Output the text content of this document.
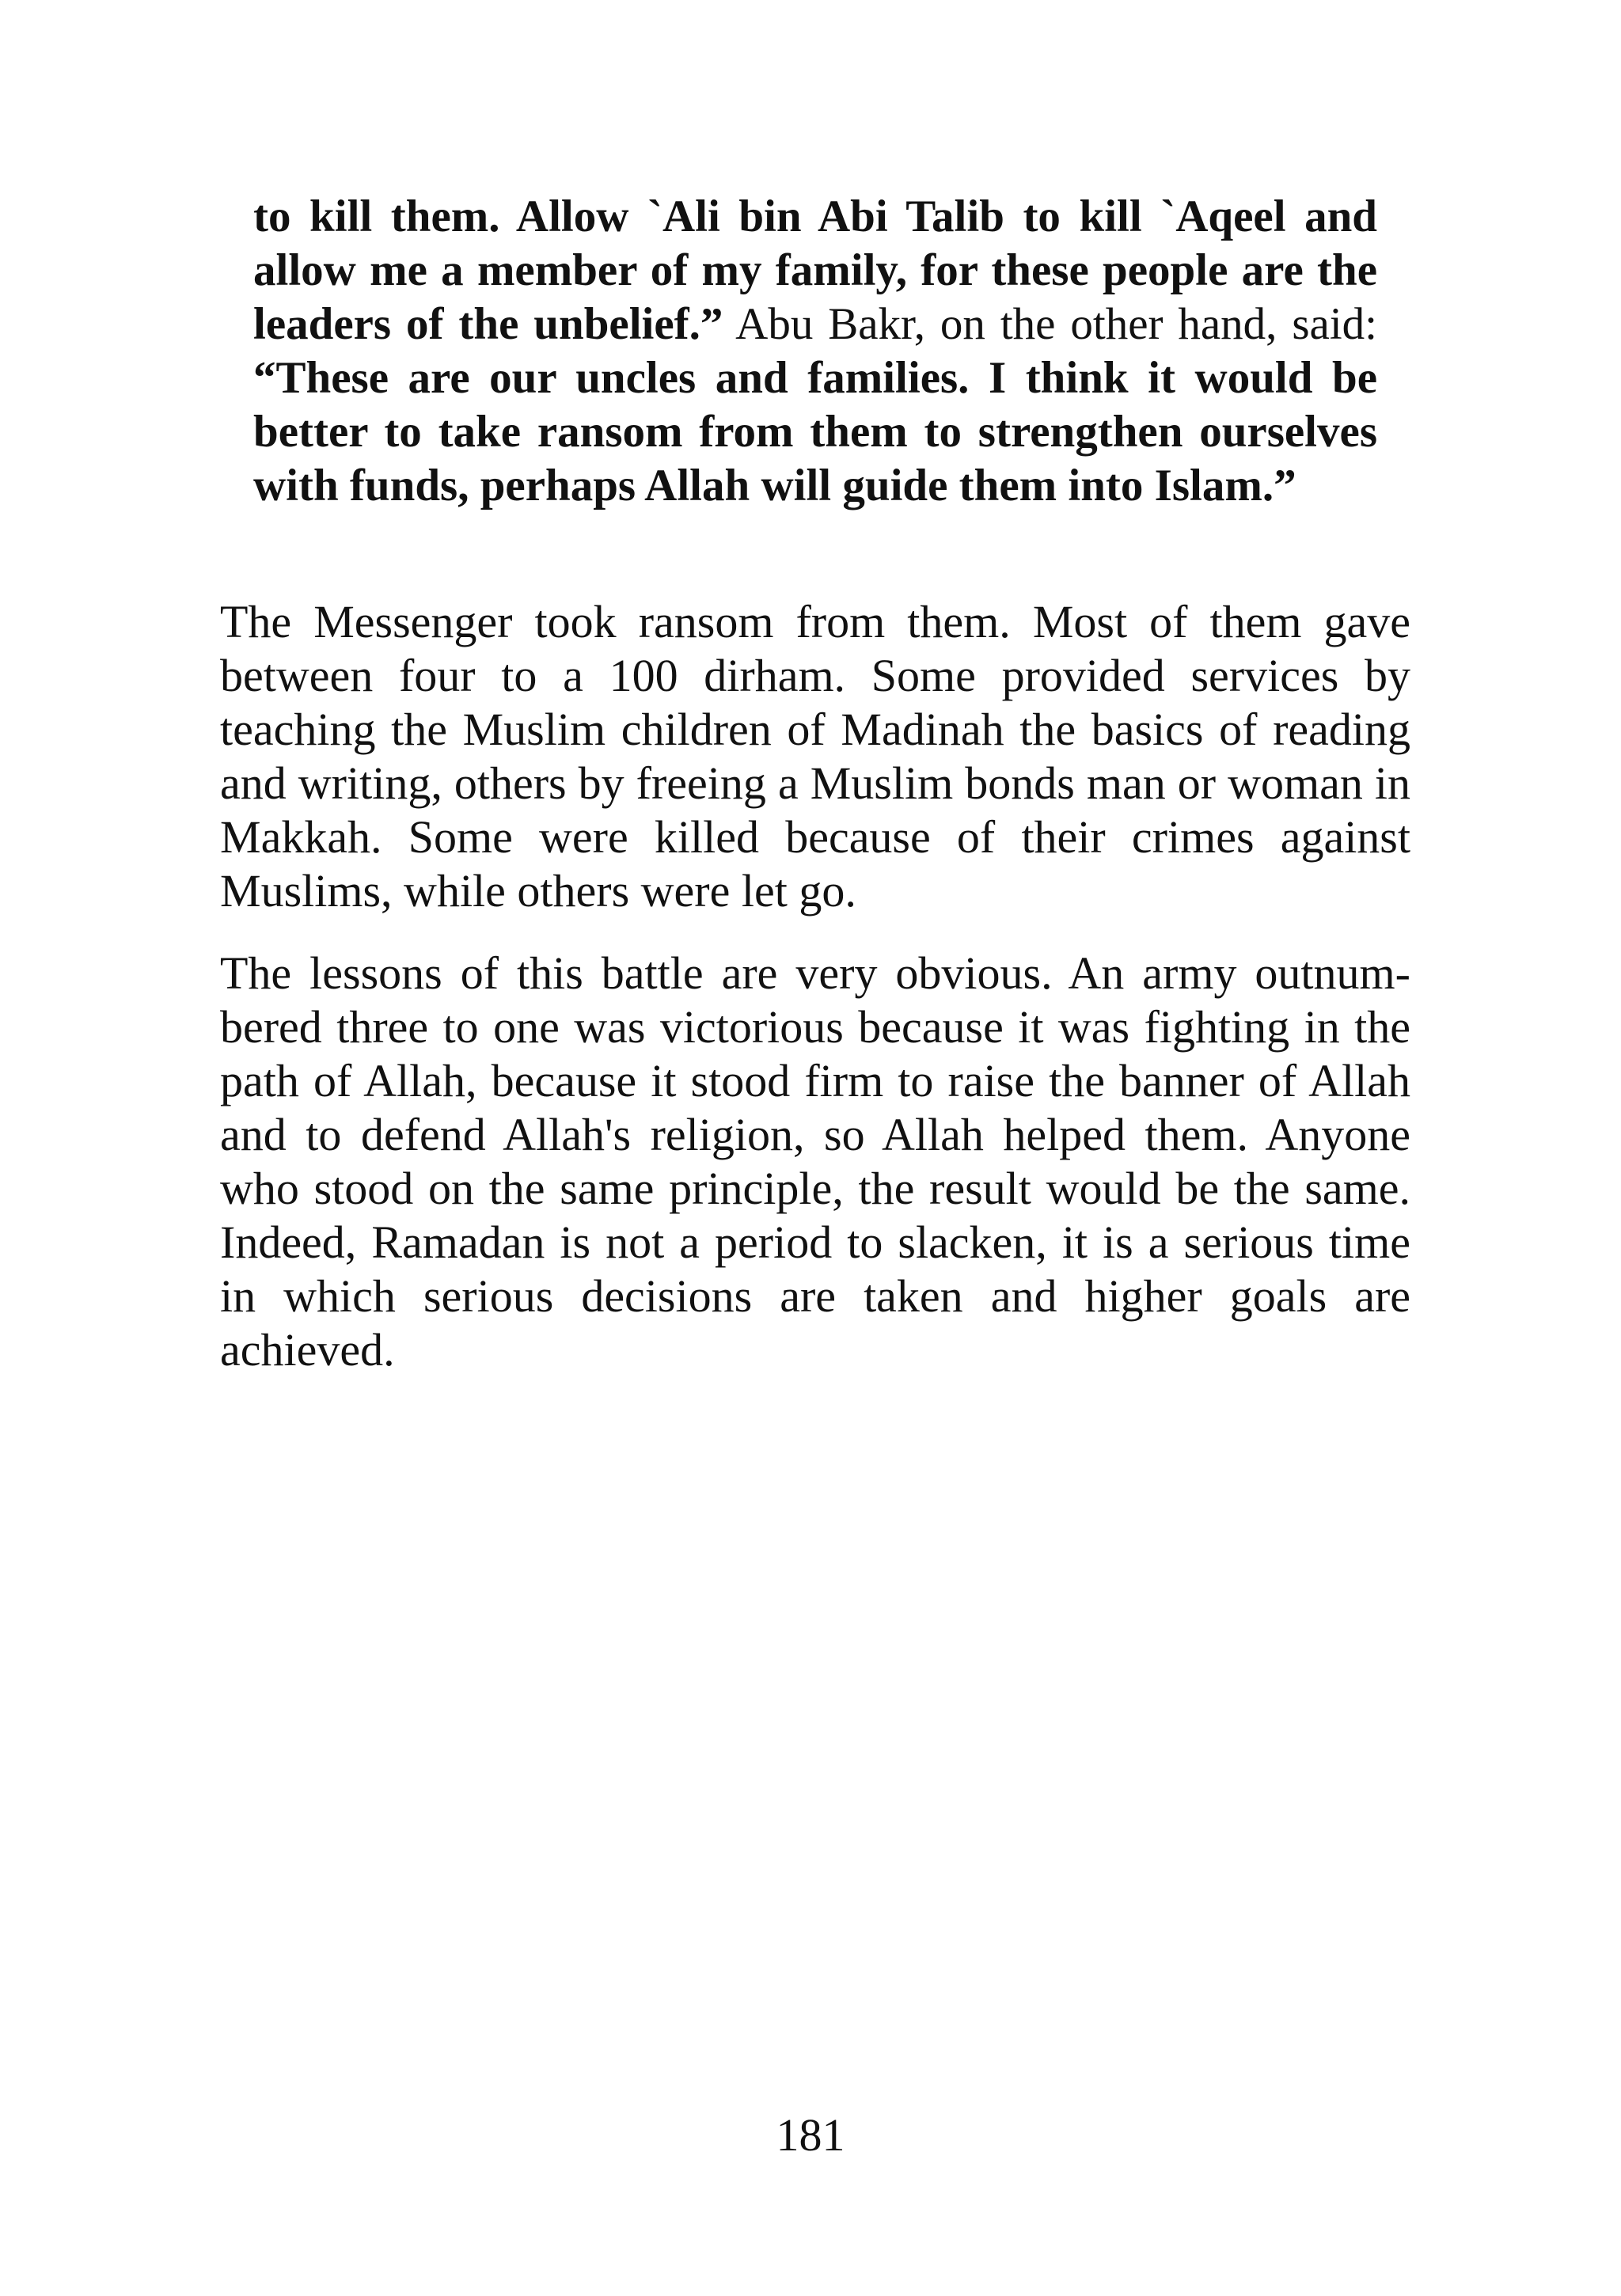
to kill them. Allow `Ali bin Abi Talib to kill `Aqeel and allow me a member of my family, for these people are the leaders of the unbelief.” Abu Bakr, on the other hand, said: “These are our uncles and families. I think it would be better to take ransom from them to strengthen ourselves with funds, perhaps Allah will guide them into Islam.”

The Messenger took ransom from them. Most of them gave between four to a 100 dirham. Some provided services by teaching the Muslim children of Madinah the basics of reading and writing, others by freeing a Muslim bonds man or woman in Makkah. Some were killed because of their crimes against Muslims, while others were let go.

The lessons of this battle are very obvious. An army outnumbered three to one was victorious because it was fighting in the path of Allah, because it stood firm to raise the banner of Allah and to defend Allah's religion, so Allah helped them. Anyone who stood on the same principle, the result would be the same. Indeed, Ramadan is not a period to slacken, it is a serious time in which serious decisions are taken and higher goals are achieved.

181
